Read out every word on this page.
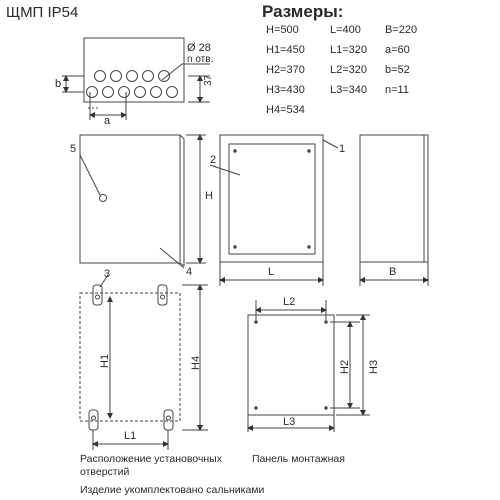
ЩМП IP54	Размеры:
H=500	L=400 B=220
H1=450 L1=320 a=60
H2=370 L2=320 b=52
H3=430 L3=340 n=11
H4=534
Ø 28
n отв.
b
a
37
5
H
4
2
1
L	B
3
H1	H4
L1
L2
H2 H3
L3
Расположение установочных
отверстий
Панель монтажная
Изделие укомплектовано сальниками
